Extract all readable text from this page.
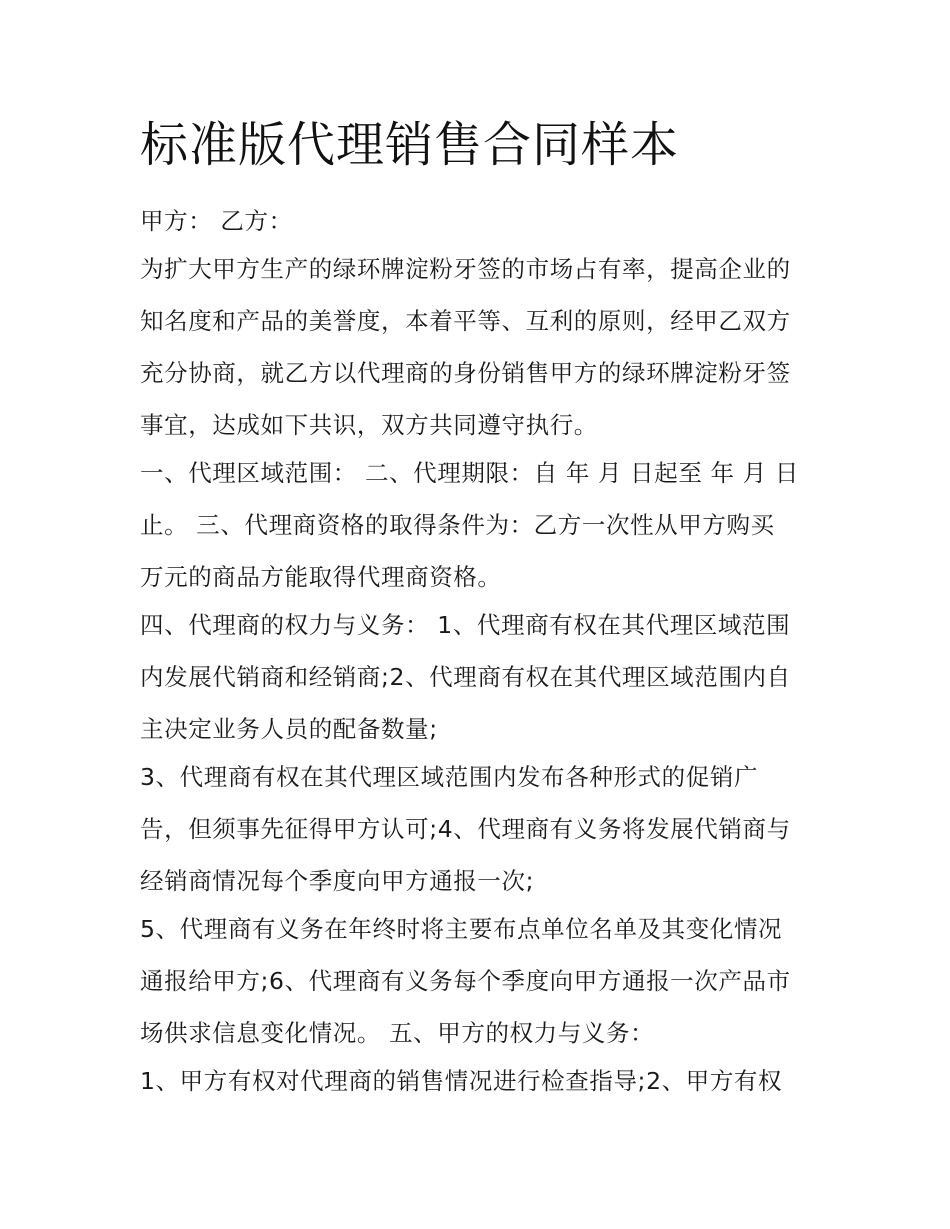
标准版代理销售合同样本
甲方： 乙方：
为扩大甲方生产的绿环牌淀粉牙签的市场占有率，提高企业的
知名度和产品的美誉度，本着平等、互利的原则，经甲乙双方
充分协商，就乙方以代理商的身份销售甲方的绿环牌淀粉牙签
事宜，达成如下共识，双方共同遵守执行。
一、代理区域范围： 二、代理期限：自 年 月 日起至 年 月 日
止。 三、代理商资格的取得条件为：乙方一次性从甲方购买
万元的商品方能取得代理商资格。
四、代理商的权力与义务： 1、代理商有权在其代理区域范围
内发展代销商和经销商;2、代理商有权在其代理区域范围内自
主决定业务人员的配备数量;
3、代理商有权在其代理区域范围内发布各种形式的促销广
告，但须事先征得甲方认可;4、代理商有义务将发展代销商与
经销商情况每个季度向甲方通报一次;
5、代理商有义务在年终时将主要布点单位名单及其变化情况
通报给甲方;6、代理商有义务每个季度向甲方通报一次产品市
场供求信息变化情况。 五、甲方的权力与义务：
1、甲方有权对代理商的销售情况进行检查指导;2、甲方有权
